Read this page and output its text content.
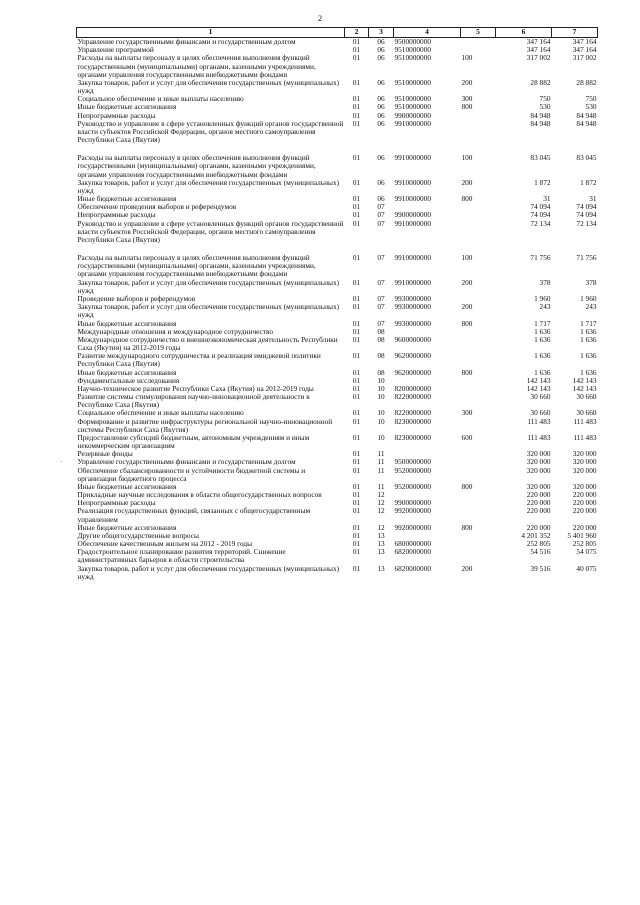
2
·
1	2	3	4	5	6	7
Управление государственными финансами и государственным долгом	01	06	9500000000		347 164	347 164
Управление программой	01	06	9510000000		347 164	347 164
Расходы на выплаты персоналу в целях обеспечения выполнения функций государственными (муниципальными) органами, казенными учреждениями, органами управления государственными внебюджетными фондами	01	06	9510000000	100	317 002	317 002
Закупка товаров, работ и услуг для обеспечения государственных (муниципальных) нужд	01	06	9510000000	200	28 882	28 882
Социальное обеспечение и иные выплаты населению	01	06	9510000000	300	750	750
Иные бюджетные ассигнования	01	06	9510000000	800	530	530
Непрограммные расходы	01	06	9900000000		84 948	84 948
Руководство и управление в сфере установленных функций органов государственной власти субъектов Российской Федерации, органов местного самоуправления Республики Саха (Якутия)	01	06	9910000000		84 948	84 948

Расходы на выплаты персоналу в целях обеспечения выполнения функций государственными (муниципальными) органами, казенными учреждениями, органами управления государственными внебюджетными фондами	01	06	9910000000	100	83 045	83 045
Закупка товаров, работ и услуг для обеспечения государственных (муниципальных) нужд	01	06	9910000000	200	1 872	1 872
Иные бюджетные ассигнования	01	06	9910000000	800	31	31
Обеспечение проведения выборов и референдумов	01	07			74 094	74 094
Непрограммные расходы	01	07	9900000000		74 094	74 094
Руководство и управление в сфере установленных функций органов государственной власти субъектов Российской Федерации, органов местного самоуправления Республики Саха (Якутия)	01	07	9910000000		72 134	72 134

Расходы на выплаты персоналу в целях обеспечения выполнения функций государственными (муниципальными) органами, казенными учреждениями, органами управления государственными внебюджетными фондами	01	07	9910000000	100	71 756	71 756
Закупка товаров, работ и услуг для обеспечения государственных (муниципальных) нужд	01	07	9910000000	200	378	378
Проведение выборов и референдумов	01	07	9930000000		1 960	1 960
Закупка товаров, работ и услуг для обеспечения государственных (муниципальных) нужд	01	07	9930000000	200	243	243
Иные бюджетные ассигнования	01	07	9930000000	800	1 717	1 717
Международные отношения и международное сотрудничество	01	08			1 636	1 636
Международное сотрудничество и внешнеэкономическая деятельность Республики Саха (Якутия) на 2012-2019 годы	01	08	9600000000		1 636	1 636
Развитие международного сотрудничества и реализация имиджевой политики Республики Саха (Якутия)	01	08	9620000000		1 636	1 636
Иные бюджетные ассигнования	01	08	9620000000	800	1 636	1 636
Фундаментальные исследования	01	10			142 143	142 143
Научно-техническое развитие Республики Саха (Якутия) на 2012-2019 годы	01	10	8200000000		142 143	142 143
Развитие системы стимулирования научно-инновационной деятельности в Республике Саха (Якутия)	01	10	8220000000		30 660	30 660
Социальное обеспечение и иные выплаты населению	01	10	8220000000	300	30 660	30 660
Формирование и развитие инфраструктуры региональной научно-инновационной системы Республики Саха (Якутия)	01	10	8230000000		111 483	111 483
Предоставление субсидий бюджетным, автономным учреждениям и иным некоммерческим организациям	01	10	8230000000	600	111 483	111 483
Резервные фонды	01	11			320 000	320 000
Управление государственными финансами и государственным долгом	01	11	9500000000		320 000	320 000
Обеспечение сбалансированности и устойчивости бюджетной системы и организации бюджетного процесса	01	11	9520000000		320 000	320 000
Иные бюджетные ассигнования	01	11	9520000000	800	320 000	320 000
Прикладные научные исследования в области общегосударственных вопросов	01	12			220 000	220 000
Непрограммные расходы	01	12	9900000000		220 000	220 000
Реализация государственных функций, связанных с общегосударственным управлением	01	12	9920000000		220 000	220 000
Иные бюджетные ассигнования	01	12	9920000000	800	220 000	220 000
Другие общегосударственные вопросы	01	13			4 201 352	5 401 960
Обеспечение качественным жильем на 2012 - 2019 годы	01	13	6800000000		252 805	252 805
Градостроительное планирование развития территорий. Снижение административных барьеров в области строительства	01	13	6820000000		54 516	54 075
Закупка товаров, работ и услуг для обеспечения государственных (муниципальных) нужд	01	13	6820000000	200	39 516	40 075
